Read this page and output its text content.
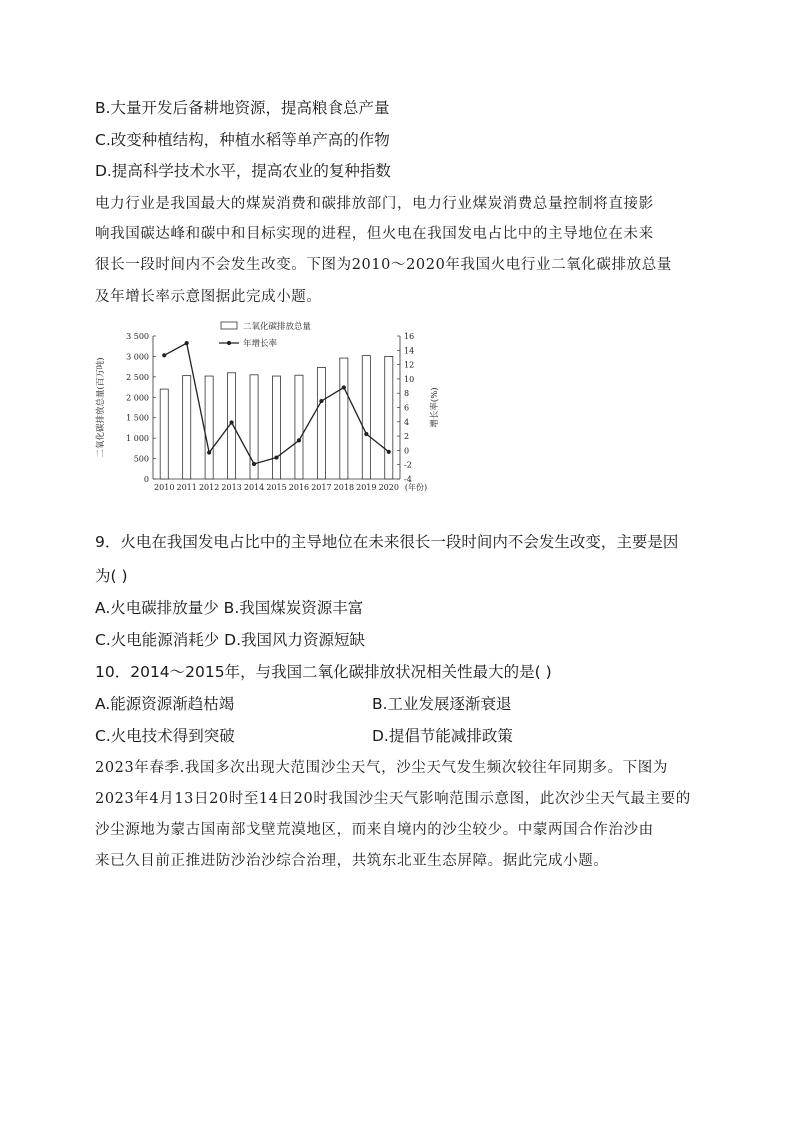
B.大量开发后备耕地资源，提高粮食总产量
C.改变种植结构，种植水稻等单产高的作物
D.提高科学技术水平，提高农业的复种指数
电力行业是我国最大的煤炭消费和碳排放部门，电力行业煤炭消费总量控制将直接影
响我国碳达峰和碳中和目标实现的进程，但火电在我国发电占比中的主导地位在未来
很长一段时间内不会发生改变。下图为2010～2020年我国火电行业二氧化碳排放总量
及年增长率示意图据此完成小题。
0
500
1 000
1 500
2 000
2 500
3 000
3 500
-4
-2
0
2
4
6
8
10
12
14
16
2010 2011 2012 2013 2014 2015 2016 2017 2018 2019 2020 (年份)
二氧化碳排放总量(百万吨)	增长率(%)
二氧化碳排放总量
年增长率
9．火电在我国发电占比中的主导地位在未来很长一段时间内不会发生改变，主要是因
为( )
A.火电碳排放量少 B.我国煤炭资源丰富
C.火电能源消耗少 D.我国风力资源短缺
10．2014～2015年，与我国二氧化碳排放状况相关性最大的是( )
A.能源资源渐趋枯竭	B.工业发展逐渐衰退
C.火电技术得到突破	D.提倡节能减排政策
2023年春季.我国多次出现大范围沙尘天气，沙尘天气发生频次较往年同期多。下图为
2023年4月13日20时至14日20时我国沙尘天气影响范围示意图，此次沙尘天气最主要的
沙尘源地为蒙古国南部戈壁荒漠地区，而来自境内的沙尘较少。中蒙两国合作治沙由
来已久目前正推进防沙治沙综合治理，共筑东北亚生态屏障。据此完成小题。
